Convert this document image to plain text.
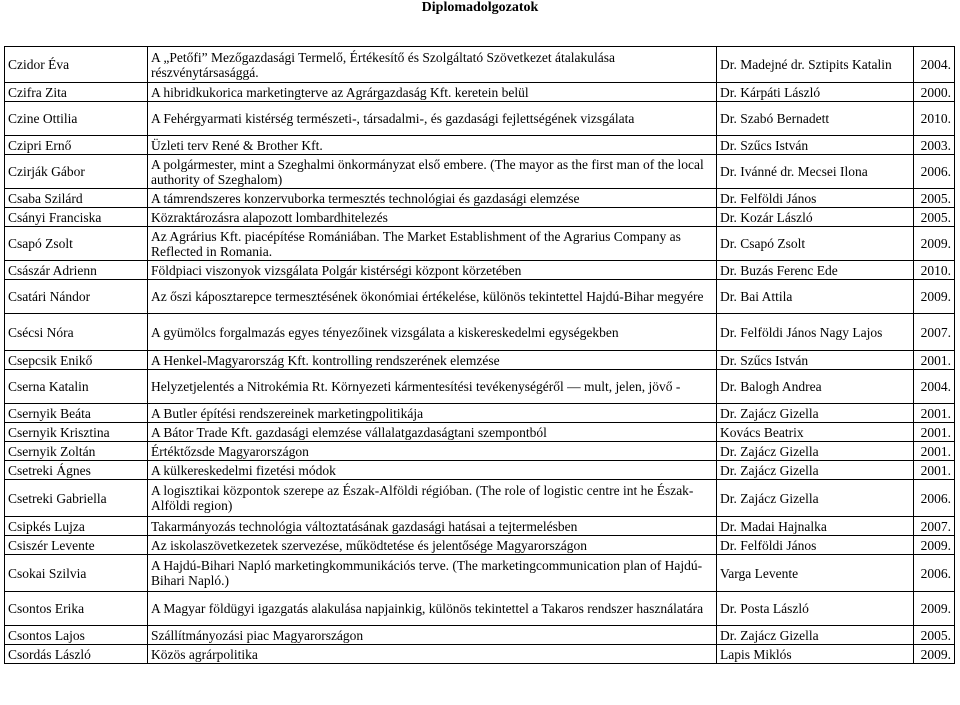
Diplomadolgozatok
Czidor Éva	A „Petőfi” Mezőgazdasági Termelő, Értékesítő és Szolgáltató Szövetkezet átalakulása részvénytársasággá.	Dr. Madejné dr. Sztipits Katalin	2004.
Czifra Zita	A hibridkukorica marketingterve az Agrárgazdaság Kft. keretein belül	Dr. Kárpáti László	2000.
Czine Ottilia	A Fehérgyarmati kistérség természeti-, társadalmi-, és gazdasági fejlettségének vizsgálata	Dr. Szabó Bernadett	2010.
Czipri Ernő	Üzleti terv René & Brother Kft.	Dr. Szűcs István	2003.
Czirják Gábor	A polgármester, mint a Szeghalmi önkormányzat első embere. (The mayor as the first man of the local authority of Szeghalom)	Dr. Ivánné dr. Mecsei Ilona	2006.
Csaba Szilárd	A támrendszeres konzervuborka termesztés technológiai és gazdasági elemzése	Dr. Felföldi János	2005.
Csányi Franciska	Közraktározásra alapozott lombardhitelezés	Dr. Kozár László	2005.
Csapó Zsolt	Az Agrárius Kft. piacépítése Romániában. The Market Establishment of the Agrarius Company as Reflected in Romania.	Dr. Csapó Zsolt	2009.
Császár Adrienn	Földpiaci viszonyok vizsgálata Polgár kistérségi központ körzetében	Dr. Buzás Ferenc Ede	2010.
Csatári Nándor	Az őszi káposztarepce termesztésének ökonómiai értékelése, különös tekintettel Hajdú-Bihar megyére	Dr. Bai Attila	2009.
Csécsi Nóra	A gyümölcs forgalmazás egyes tényezőinek vizsgálata a kiskereskedelmi egységekben	Dr. Felföldi János Nagy Lajos	2007.
Csepcsik Enikő	A Henkel-Magyarország Kft. kontrolling rendszerének elemzése	Dr. Szűcs István	2001.
Cserna Katalin	Helyzetjelentés a Nitrokémia Rt. Környezeti kármentesítési tevékenységéről — mult, jelen, jövő -	Dr. Balogh Andrea	2004.
Csernyik Beáta	A Butler építési rendszereinek marketingpolitikája	Dr. Zajácz Gizella	2001.
Csernyik Krisztina	A Bátor Trade Kft. gazdasági elemzése vállalatgazdaságtani szempontból	Kovács Beatrix	2001.
Csernyik Zoltán	Értéktőzsde Magyarországon	Dr. Zajácz Gizella	2001.
Csetreki Ágnes	A külkereskedelmi fizetési módok	Dr. Zajácz Gizella	2001.
Csetreki Gabriella	A logisztikai központok szerepe az Észak-Alföldi régióban. (The role of logistic centre int he Észak-Alföldi region)	Dr. Zajácz Gizella	2006.
Csipkés Lujza	Takarmányozás technológia változtatásának gazdasági hatásai a tejtermelésben	Dr. Madai Hajnalka	2007.
Csiszér Levente	Az iskolaszövetkezetek szervezése, működtetése és jelentősége Magyarországon	Dr. Felföldi János	2009.
Csokai Szilvia	A Hajdú-Bihari Napló marketingkommunikációs terve. (The marketingcommunication plan of Hajdú-Bihari Napló.)	Varga Levente	2006.
Csontos Erika	A Magyar földügyi igazgatás alakulása napjainkig, különös tekintettel a Takaros rendszer használatára	Dr. Posta László	2009.
Csontos Lajos	Szállítmányozási piac Magyarországon	Dr. Zajácz Gizella	2005.
Csordás László	Közös agrárpolitika	Lapis Miklós	2009.
